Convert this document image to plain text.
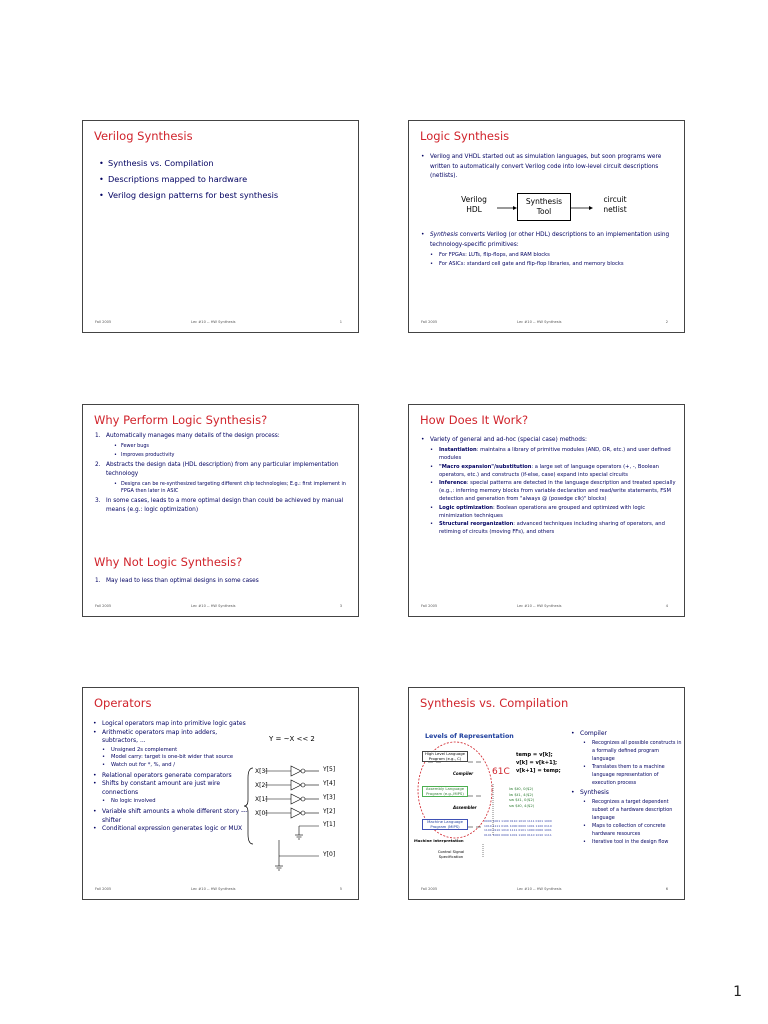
Verilog Synthesis
• Synthesis vs. Compilation
• Descriptions mapped to hardware
• Verilog design patterns for best synthesis
Fall 2005	Lec #10 -- HW Synthesis	1
Logic Synthesis
• Verilog and VHDL started out as simulation languages, but soon programs were written to automatically convert Verilog code into low-level circuit descriptions (netlists).
Verilog
HDL
Synthesis
Tool
circuit
netlist
• Synthesis converts Verilog (or other HDL) descriptions to an implementation using technology-specific primitives:
• For FPGAs: LUTs, flip-flops, and RAM blocks
• For ASICs: standard cell gate and flip-flop libraries, and memory blocks
Fall 2005	Lec #10 -- HW Synthesis	2
Why Perform Logic Synthesis?
1. Automatically manages many details of the design process:
• Fewer bugs
• Improves productivity
2. Abstracts the design data (HDL description) from any particular implementation technology
• Designs can be re-synthesized targeting different chip technologies; E.g.: first implement in FPGA then later in ASIC
3. In some cases, leads to a more optimal design than could be achieved by manual means (e.g.: logic optimization)
Why Not Logic Synthesis?
1. May lead to less than optimal designs in some cases
Fall 2005	Lec #10 -- HW Synthesis	3
How Does It Work?
• Variety of general and ad-hoc (special case) methods:
• Instantiation: maintains a library of primitive modules (AND, OR, etc.) and user defined modules
• "Macro expansion"/substitution: a large set of language operators (+, -, Boolean operators, etc.) and constructs (if-else, case) expand into special circuits
• Inference: special patterns are detected in the language description and treated specially (e.g.,: inferring memory blocks from variable declaration and read/write statements, FSM detection and generation from "always @ (posedge clk)" blocks)
• Logic optimization: Boolean operations are grouped and optimized with logic minimization techniques
• Structural reorganization: advanced techniques including sharing of operators, and retiming of circuits (moving FFs), and others
Fall 2005	Lec #10 -- HW Synthesis	4
Operators
• Logical operators map into primitive logic gates
• Arithmetic operators map into adders, subtractors, ...
• Unsigned 2s complement
• Model carry: target is one-bit wider that source
• Watch out for *, %, and /
• Relational operators generate comparators
• Shifts by constant amount are just wire connections
• No logic involved
• Variable shift amounts a whole different story --- shifter
• Conditional expression generates logic or MUX
Y = ~X << 2
X[3]
X[2]
X[1]
X[0]
Y[5]
Y[4]
Y[3]
Y[2]
Y[1]
Y[0]
Fall 2005	Lec #10 -- HW Synthesis	5
Synthesis vs. Compilation
Levels of Representation
High Level Language Program (e.g., C)
Compiler
Assembly Language Program (e.g.,MIPS)
Assembler
Machine Language Program (MIPS)
Machine Interpretation
Control Signal Specification
temp = v[k];
v[k] = v[k+1];
v[k+1] = temp;
61C
lw $t0, 0($2)
lw $t1, 4($2)
sw $t1, 0($2)
sw $t0, 4($2)
0000 1001 1100 0110 1010 1111 0101 1000
1010 1111 0101 1000 0000 1001 1100 0110
1100 0110 1010 1111 0101 1000 0000 1001
0101 1000 0000 1001 1100 0110 1010 1111
• Compiler
• Recognizes all possible constructs in a formally defined program language
• Translates them to a machine language representation of execution process
• Synthesis
• Recognizes a target dependent subset of a hardware description language
• Maps to collection of concrete hardware resources
• Iterative tool in the design flow
Fall 2005	Lec #10 -- HW Synthesis	6
1
